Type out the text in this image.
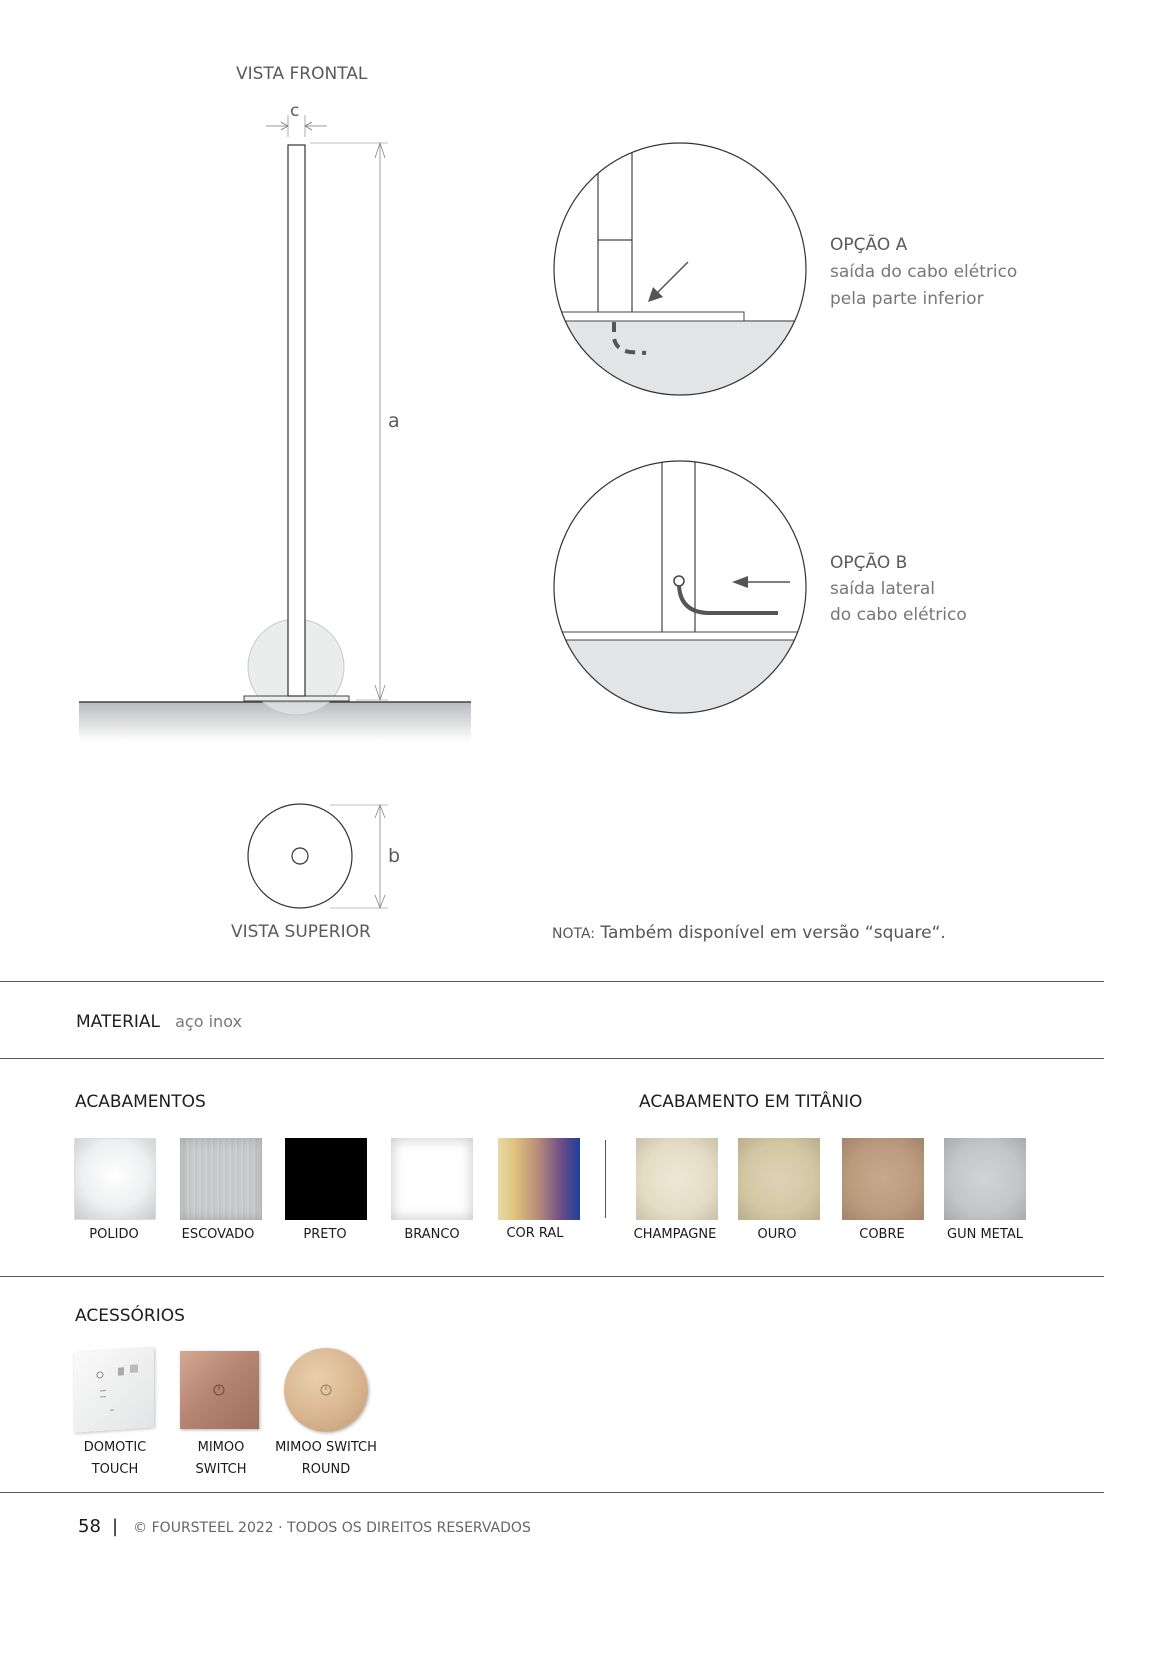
VISTA FRONTAL
c
a
b
VISTA SUPERIOR
OPÇÃO A
saída do cabo elétrico
pela parte inferior
OPÇÃO B
saída lateral
do cabo elétrico
NOTA: Também disponível em versão “square“.
MATERIAL aço inox
ACABAMENTOS	ACABAMENTO EM TITÂNIO
POLIDO	ESCOVADO	PRETO	BRANCO	COR RAL	CHAMPAGNE	OURO	COBRE	GUN METAL
ACESSÓRIOS
DOMOTIC
TOUCH
MIMOO
SWITCH
MIMOO SWITCH
ROUND
58 | © FOURSTEEL 2022 · TODOS OS DIREITOS RESERVADOS
